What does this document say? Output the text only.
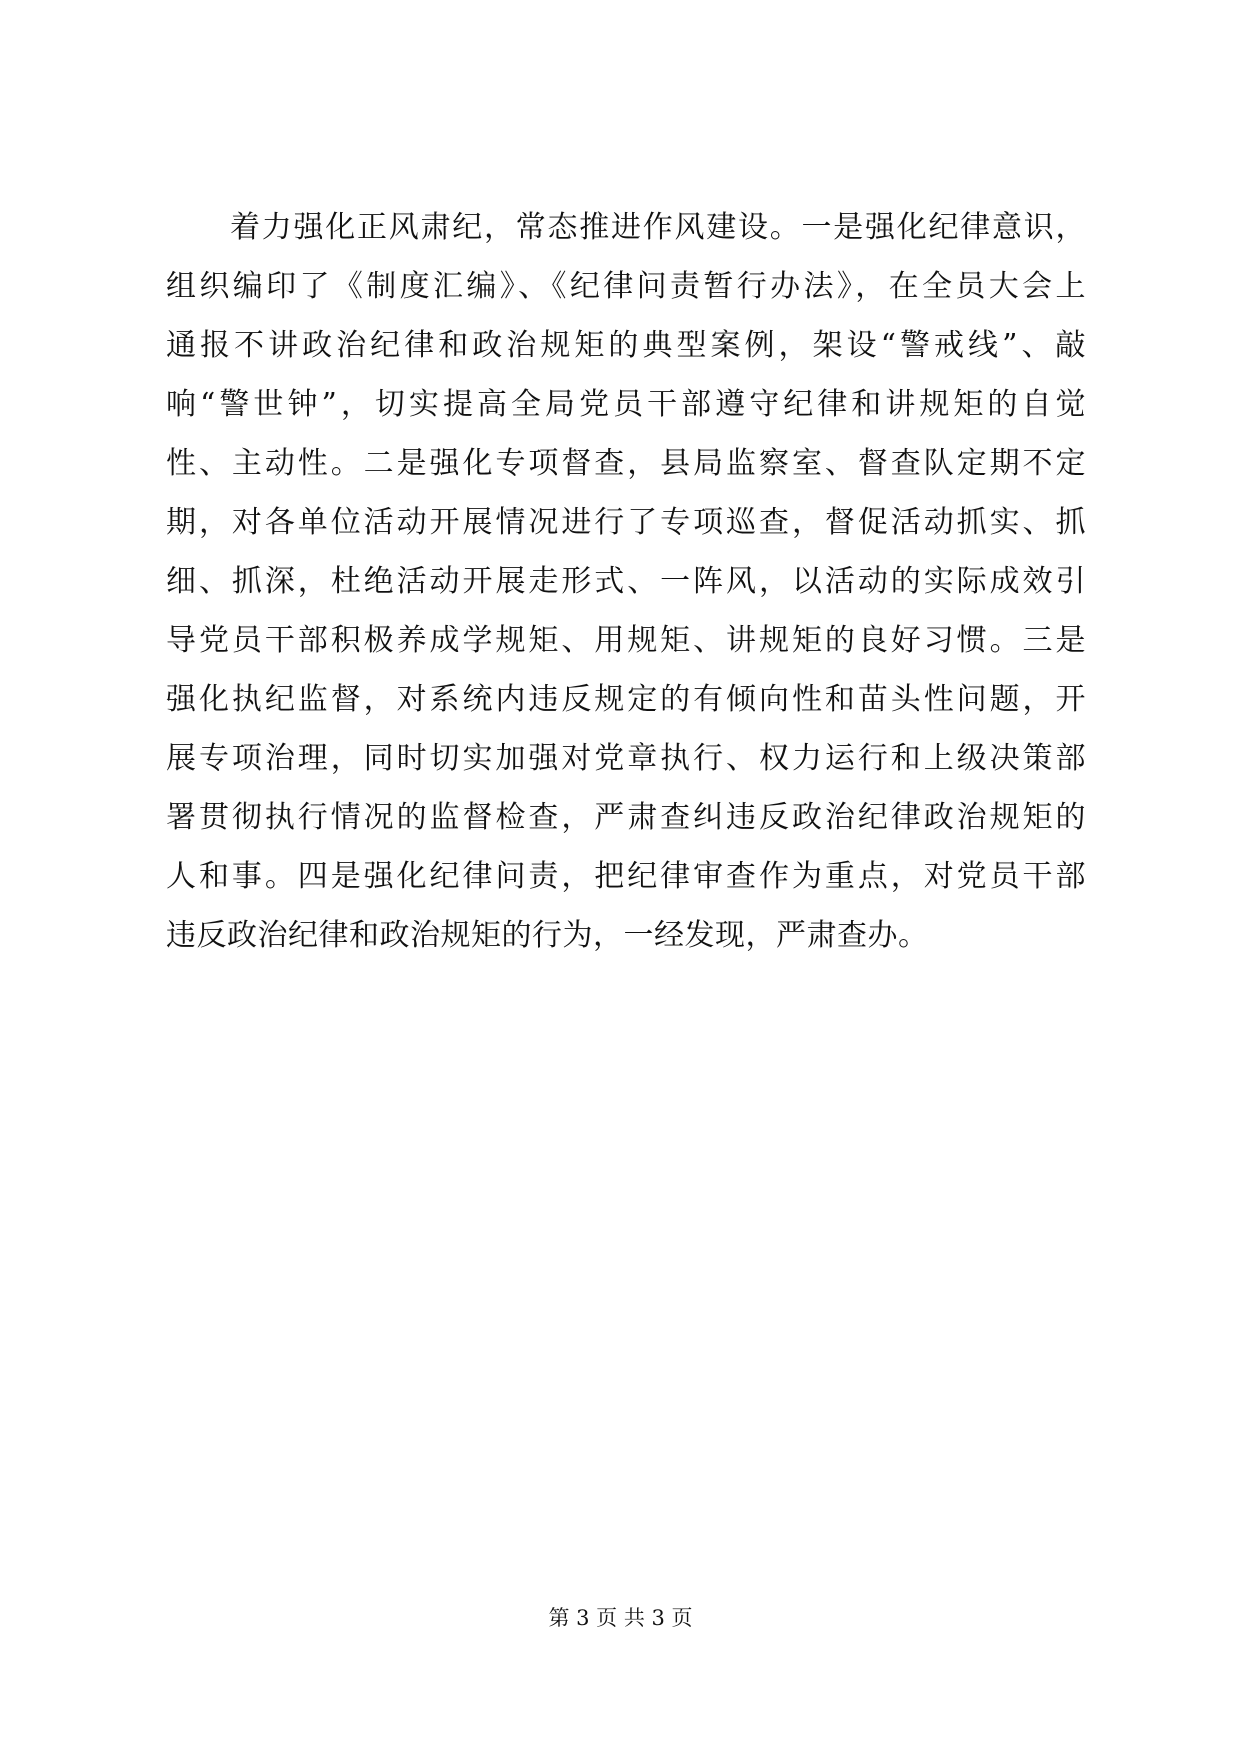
着力强化正风肃纪，常态推进作风建设。一是强化纪律意识，
组织编印了《制度汇编》、《纪律问责暂行办法》，在全员大会上
通报不讲政治纪律和政治规矩的典型案例，架设“警戒线”、敲
响“警世钟”，切实提高全局党员干部遵守纪律和讲规矩的自觉
性、主动性。二是强化专项督查，县局监察室、督查队定期不定
期，对各单位活动开展情况进行了专项巡查，督促活动抓实、抓
细、抓深，杜绝活动开展走形式、一阵风，以活动的实际成效引
导党员干部积极养成学规矩、用规矩、讲规矩的良好习惯。三是
强化执纪监督，对系统内违反规定的有倾向性和苗头性问题，开
展专项治理，同时切实加强对党章执行、权力运行和上级决策部
署贯彻执行情况的监督检查，严肃查纠违反政治纪律政治规矩的
人和事。四是强化纪律问责，把纪律审查作为重点，对党员干部
违反政治纪律和政治规矩的行为，一经发现，严肃查办。
第 3 页 共 3 页
